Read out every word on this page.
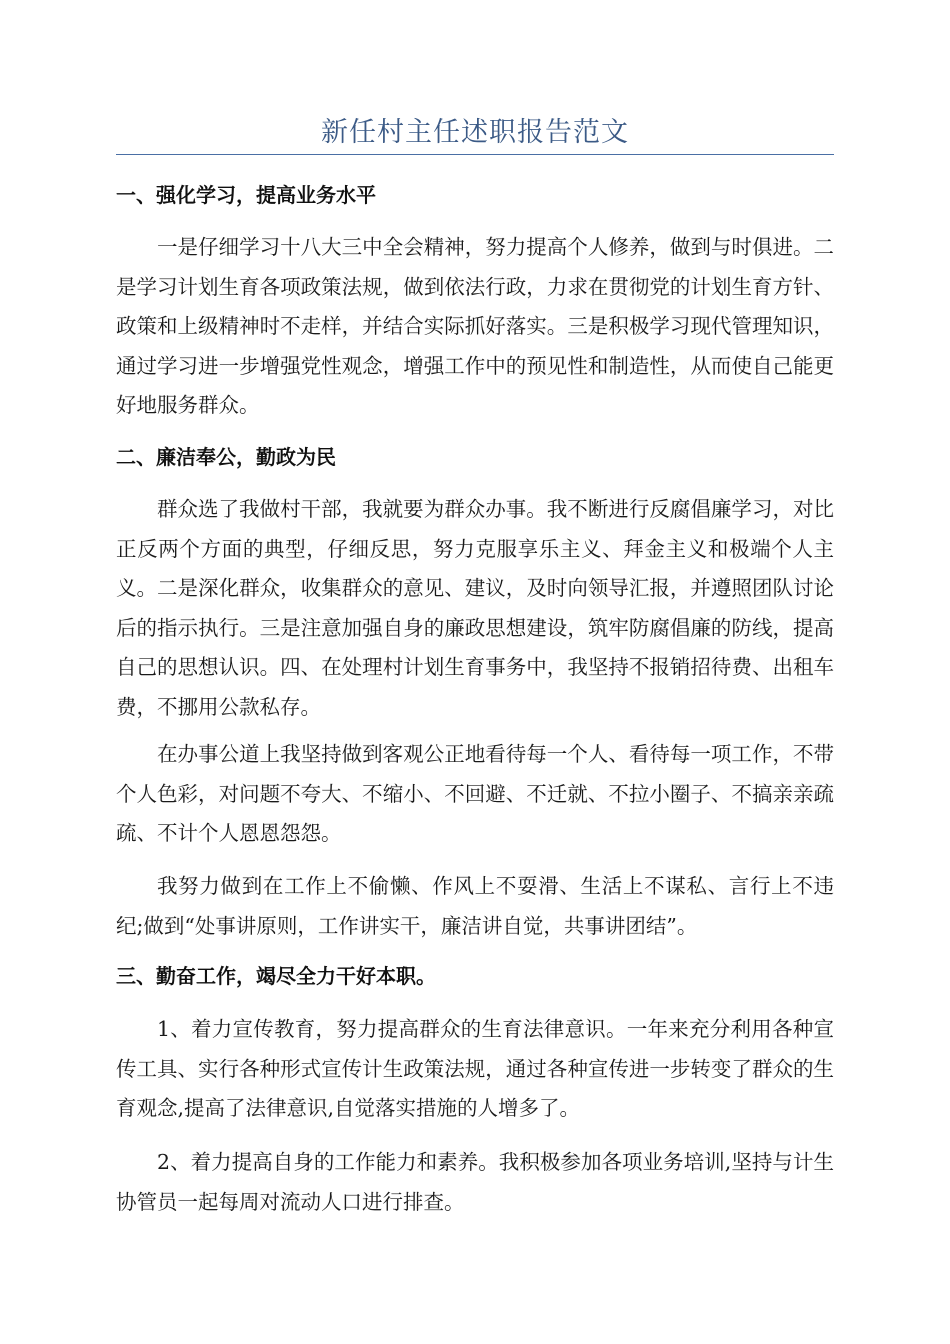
新任村主任述职报告范文
一、强化学习，提高业务水平
一是仔细学习十八大三中全会精神，努力提高个人修养，做到与时俱进。二是学习计划生育各项政策法规，做到依法行政，力求在贯彻党的计划生育方针、政策和上级精神时不走样，并结合实际抓好落实。三是积极学习现代管理知识，通过学习进一步增强党性观念，增强工作中的预见性和制造性，从而使自己能更好地服务群众。
二、廉洁奉公，勤政为民
群众选了我做村干部，我就要为群众办事。我不断进行反腐倡廉学习，对比正反两个方面的典型，仔细反思，努力克服享乐主义、拜金主义和极端个人主义。二是深化群众，收集群众的意见、建议，及时向领导汇报，并遵照团队讨论后的指示执行。三是注意加强自身的廉政思想建设，筑牢防腐倡廉的防线，提高自己的思想认识。四、在处理村计划生育事务中，我坚持不报销招待费、出租车费，不挪用公款私存。
在办事公道上我坚持做到客观公正地看待每一个人、看待每一项工作，不带个人色彩，对问题不夸大、不缩小、不回避、不迁就、不拉小圈子、不搞亲亲疏疏、不计个人恩恩怨怨。
我努力做到在工作上不偷懒、作风上不耍滑、生活上不谋私、言行上不违纪;做到“处事讲原则，工作讲实干，廉洁讲自觉，共事讲团结”。
三、勤奋工作，竭尽全力干好本职。
1、着力宣传教育，努力提高群众的生育法律意识。一年来充分利用各种宣传工具、实行各种形式宣传计生政策法规，通过各种宣传进一步转变了群众的生育观念,提高了法律意识,自觉落实措施的人增多了。
2、着力提高自身的工作能力和素养。我积极参加各项业务培训,坚持与计生协管员一起每周对流动人口进行排查。
